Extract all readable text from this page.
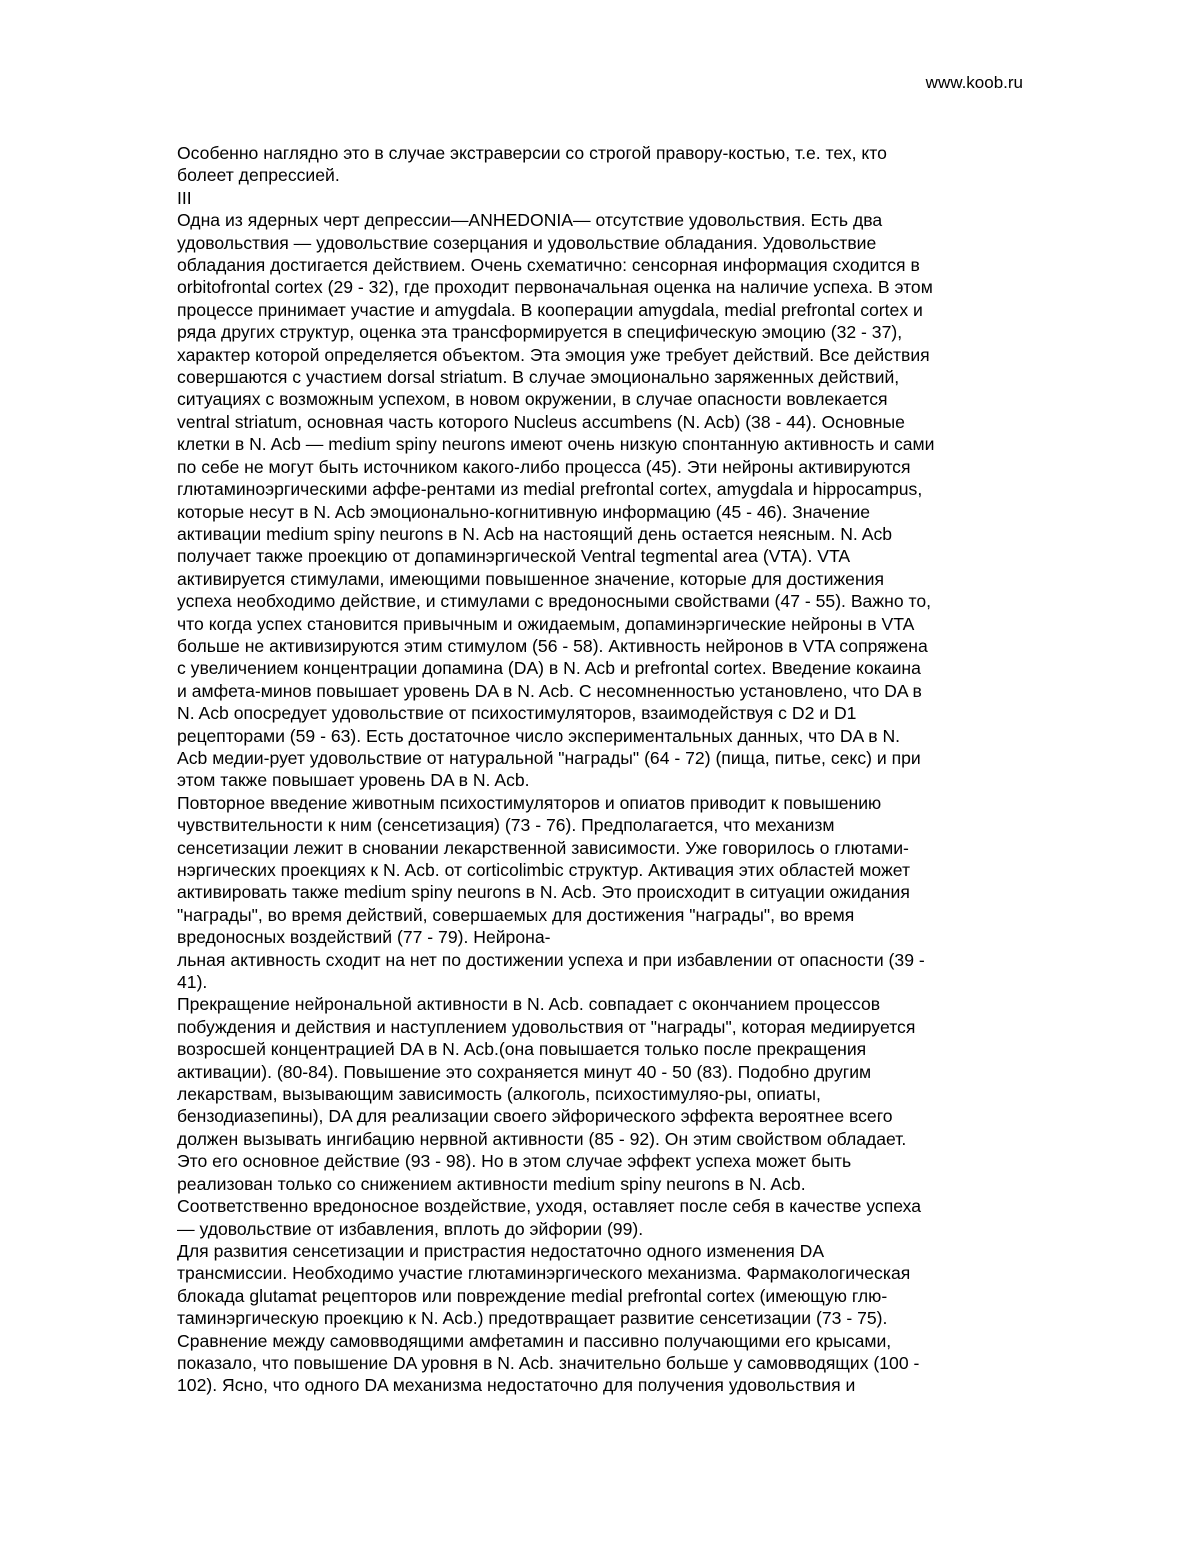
www.koob.ru
Особенно наглядно это в случае экстраверсии со строгой правору-костью, т.е. тех, кто
болеет депрессией.
III
Одна из ядерных черт депрессии—ANHEDONIA— отсутствие удовольствия. Есть два
удовольствия — удовольствие созерцания и удовольствие обладания. Удовольствие
обладания достигается действием. Очень схематично: сенсорная информация сходится в
orbitofrontal cortex (29 - 32), где проходит первоначальная оценка на наличие успеха. В этом
процессе принимает участие и amygdala. В кооперации amygdala, medial prefrontal cortex и
ряда других структур, оценка эта трансформируется в специфическую эмоцию (32 - 37),
характер которой определяется объектом. Эта эмоция уже требует действий. Все действия
совершаются с участием dorsal striatum. В случае эмоционально заряженных действий,
ситуациях с возможным успехом, в новом окружении, в случае опасности вовлекается
ventral striatum, основная часть которого Nucleus accumbens (N. Acb) (38 - 44). Основные
клетки в N. Acb — medium spiny neurons имеют очень низкую спонтанную активность и сами
по себе не могут быть источником какого-либо процесса (45). Эти нейроны активируются
глютаминоэргическими аффе-рентами из medial prefrontal cortex, amygdala и hippocampus,
которые несут в N. Acb эмоционально-когнитивную информацию (45 - 46). Значение
активации medium spiny neurons в N. Acb на настоящий день остается неясным. N. Acb
получает также проекцию от допаминэргической Ventral tegmental area (VTA). VTA
активируется стимулами, имеющими повышенное значение, которые для достижения
успеха необходимо действие, и стимулами с вредоносными свойствами (47 - 55). Важно то,
что когда успех становится привычным и ожидаемым, допаминэргические нейроны в VTA
больше не активизируются этим стимулом (56 - 58). Активность нейронов в VTA сопряжена
с увеличением концентрации допамина (DA) в N. Acb и prefrontal cortex. Введение кокаина
и амфета-минов повышает уровень DA в N. Acb. С несомненностью установлено, что DA в
N. Acb опосредует удовольствие от психостимуляторов, взаимодействуя с D2 и D1
рецепторами (59 - 63). Есть достаточное число экспериментальных данных, что DA в N.
Acb медии-рует удовольствие от натуральной "награды" (64 - 72) (пища, питье, секс) и при
этом также повышает уровень DA в N. Acb.
Повторное введение животным психостимуляторов и опиатов приводит к повышению
чувствительности к ним (сенсетизация) (73 - 76). Предполагается, что механизм
сенсетизации лежит в сновании лекарственной зависимости. Уже говорилось о глютами-
нэргических проекциях к N. Acb. от corticolimbic структур. Активация этих областей может
активировать также medium spiny neurons в N. Acb. Это происходит в ситуации ожидания
"награды", во время действий, совершаемых для достижения "награды", во время
вредоносных воздействий (77 - 79). Нейрона-
льная активность сходит на нет по достижении успеха и при избавлении от опасности (39 -
41).
Прекращение нейрональной активности в N. Acb. совпадает с окончанием процессов
побуждения и действия и наступлением удовольствия от "награды", которая медиируется
возросшей концентрацией DA в N. Acb.(она повышается только после прекращения
активации). (80-84). Повышение это сохраняется минут 40 - 50 (83). Подобно другим
лекарствам, вызывающим зависимость (алкоголь, психостимуляо-ры, опиаты,
бензодиазепины), DA для реализации своего эйфорического эффекта вероятнее всего
должен вызывать ингибацию нервной активности (85 - 92). Он этим свойством обладает.
Это его основное действие (93 - 98). Но в этом случае эффект успеха может быть
реализован только со снижением активности medium spiny neurons в N. Acb.
Соответственно вредоносное воздействие, уходя, оставляет после себя в качестве успеха
— удовольствие от избавления, вплоть до эйфории (99).
Для развития сенсетизации и пристрастия недостаточно одного изменения DA
трансмиссии. Необходимо участие глютаминэргического механизма. Фармакологическая
блокада glutamat рецепторов или повреждение medial prefrontal cortex (имеющую глю-
таминэргическую проекцию к N. Acb.) предотвращает развитие сенсетизации (73 - 75).
Сравнение между самовводящими амфетамин и пассивно получающими его крысами,
показало, что повышение DA уровня в N. Acb. значительно больше у самовводящих (100 -
102). Ясно, что одного DA механизма недостаточно для получения удовольствия и
